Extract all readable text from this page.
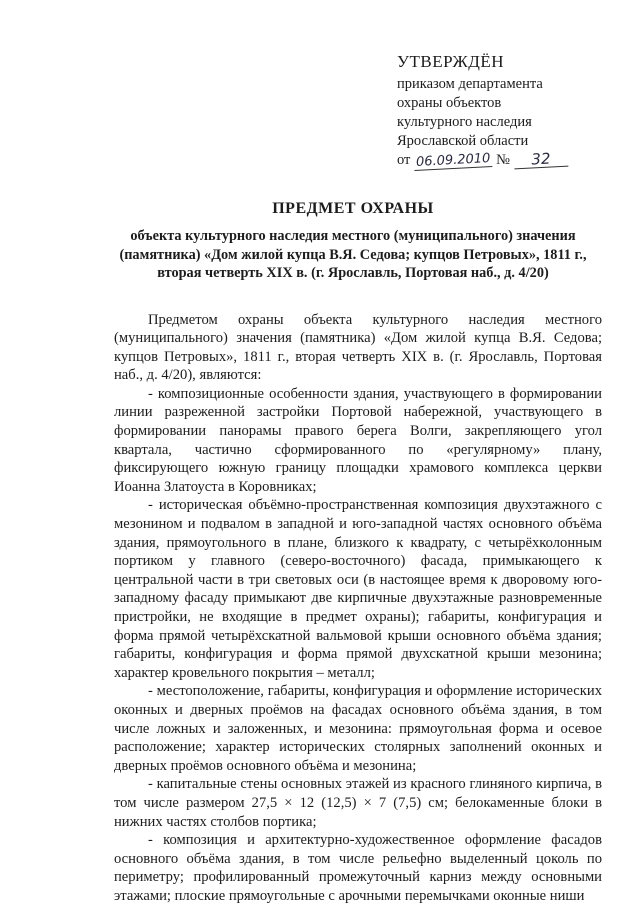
УТВЕРЖДЁН
приказом департамента
охраны объектов
культурного наследия
Ярославской области
от 06.09.2010 № 32
ПРЕДМЕТ ОХРАНЫ
объекта культурного наследия местного (муниципального) значения
(памятника) «Дом жилой купца В.Я. Седова; купцов Петровых», 1811 г.,
вторая четверть XIX в. (г. Ярославль, Портовая наб., д. 4/20)

Предметом охраны объекта культурного наследия местного (муниципального) значения (памятника) «Дом жилой купца В.Я. Седова; купцов Петровых», 1811 г., вторая четверть XIX в. (г. Ярославль, Портовая наб., д. 4/20), являются:

- композиционные особенности здания, участвующего в формировании линии разреженной застройки Портовой набережной, участвующего в формировании панорамы правого берега Волги, закрепляющего угол квартала, частично сформированного по «регулярному» плану, фиксирующего южную границу площадки храмового комплекса церкви Иоанна Златоуста в Коровниках;

- историческая объёмно-пространственная композиция двухэтажного с мезонином и подвалом в западной и юго-западной частях основного объёма здания, прямоугольного в плане, близкого к квадрату, с четырёхколонным портиком у главного (северо-восточного) фасада, примыкающего к центральной части в три световых оси (в настоящее время к дворовому юго-западному фасаду примыкают две кирпичные двухэтажные разновременные пристройки, не входящие в предмет охраны); габариты, конфигурация и форма прямой четырёхскатной вальмовой крыши основного объёма здания; габариты, конфигурация и форма прямой двухскатной крыши мезонина; характер кровельного покрытия – металл;

- местоположение, габариты, конфигурация и оформление исторических оконных и дверных проёмов на фасадах основного объёма здания, в том числе ложных и заложенных, и мезонина: прямоугольная форма и осевое расположение; характер исторических столярных заполнений оконных и дверных проёмов основного объёма и мезонина;

- капитальные стены основных этажей из красного глиняного кирпича, в том числе размером 27,5 × 12 (12,5) × 7 (7,5) см; белокаменные блоки в нижних частях столбов портика;

- композиция и архитектурно-художественное оформление фасадов основного объёма здания, в том числе рельефно выделенный цоколь по периметру; профилированный промежуточный карниз между основными этажами; плоские прямоугольные с арочными перемычками оконные ниши
